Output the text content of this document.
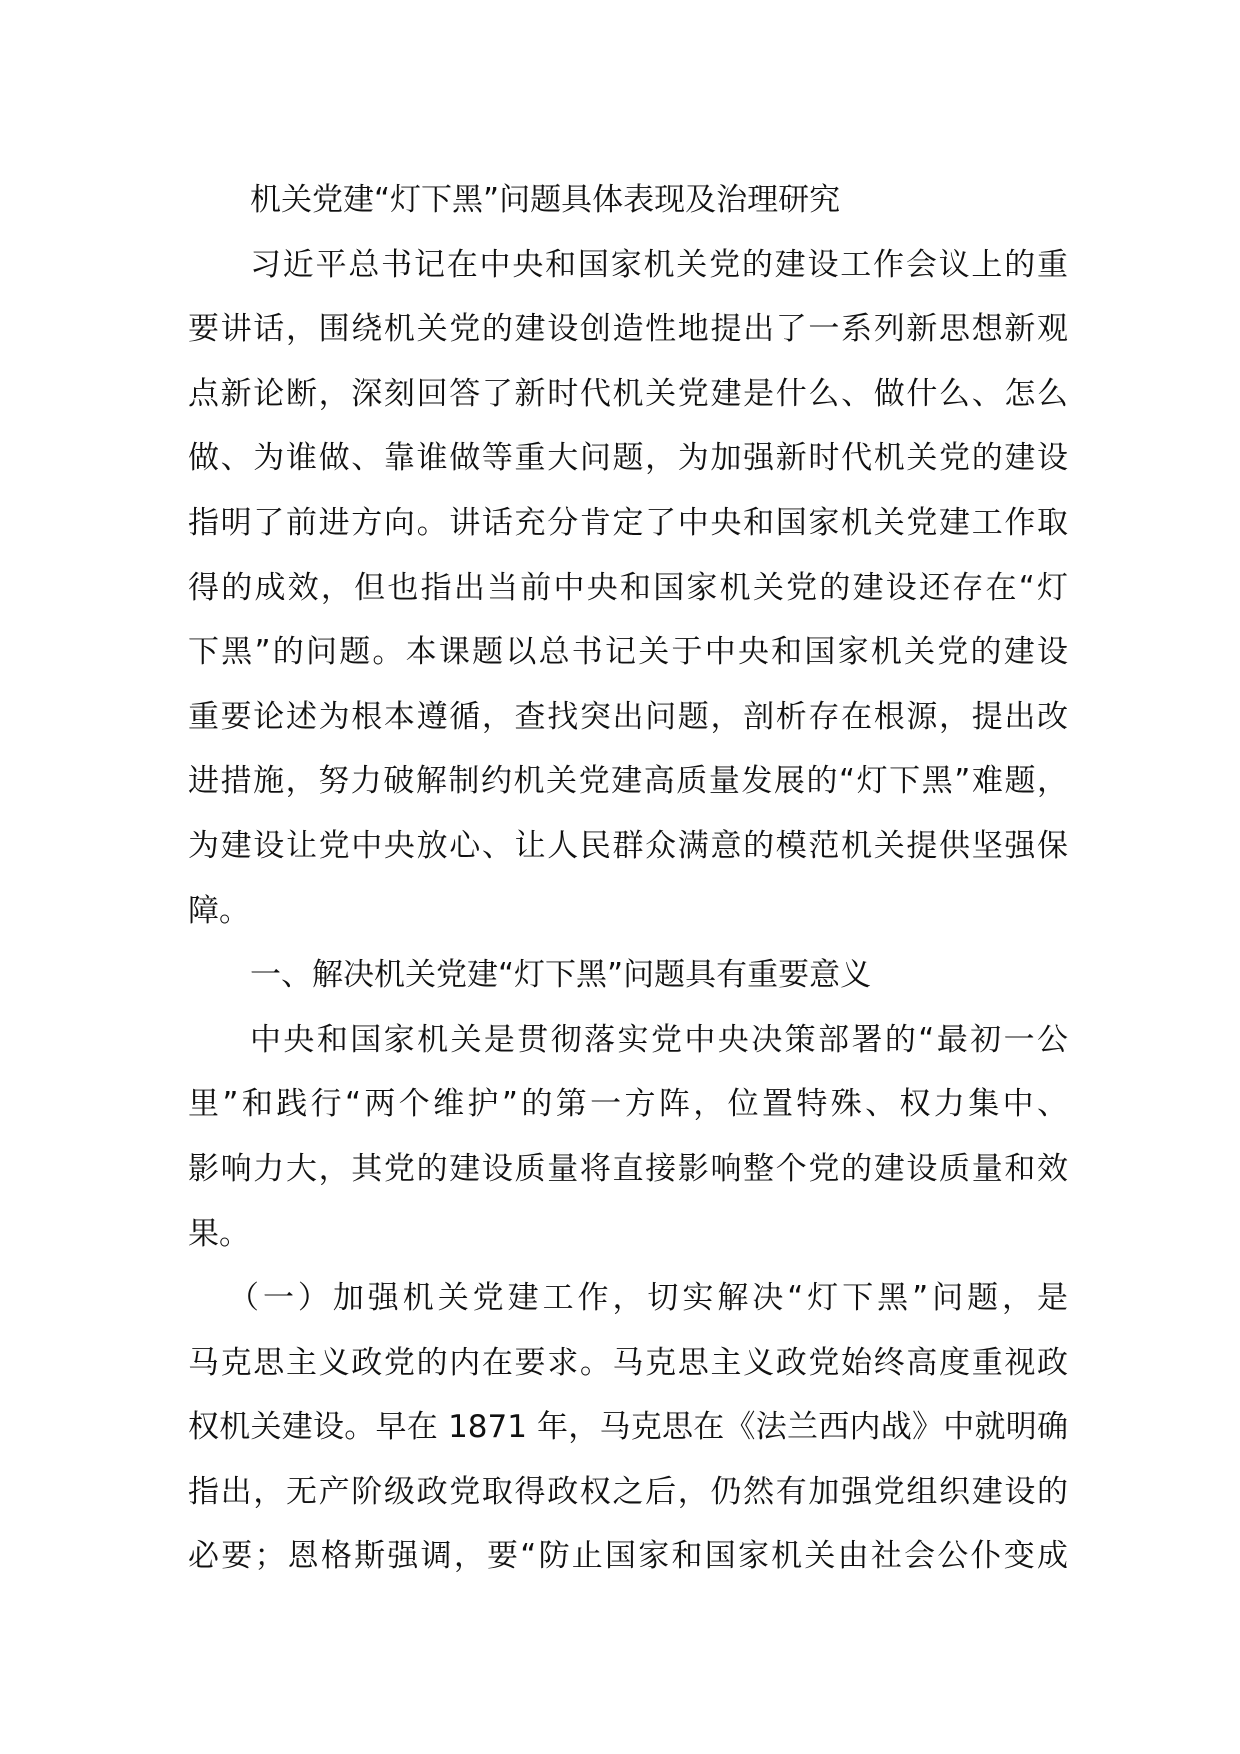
机关党建“灯下黑”问题具体表现及治理研究
习近平总书记在中央和国家机关党的建设工作会议上的重
要讲话，围绕机关党的建设创造性地提出了一系列新思想新观
点新论断，深刻回答了新时代机关党建是什么、做什么、怎么
做、为谁做、靠谁做等重大问题，为加强新时代机关党的建设
指明了前进方向。讲话充分肯定了中央和国家机关党建工作取
得的成效，但也指出当前中央和国家机关党的建设还存在“灯
下黑”的问题。本课题以总书记关于中央和国家机关党的建设
重要论述为根本遵循，查找突出问题，剖析存在根源，提出改
进措施，努力破解制约机关党建高质量发展的“灯下黑”难题，
为建设让党中央放心、让人民群众满意的模范机关提供坚强保
障。
一、解决机关党建“灯下黑”问题具有重要意义
中央和国家机关是贯彻落实党中央决策部署的“最初一公
里”和践行“两个维护”的第一方阵，位置特殊、权力集中、
影响力大，其党的建设质量将直接影响整个党的建设质量和效
果。
（一）加强机关党建工作，切实解决“灯下黑”问题，是
马克思主义政党的内在要求。马克思主义政党始终高度重视政
权机关建设。早在 1871 年，马克思在《法兰西内战》中就明确
指出，无产阶级政党取得政权之后，仍然有加强党组织建设的
必要；恩格斯强调，要“防止国家和国家机关由社会公仆变成
